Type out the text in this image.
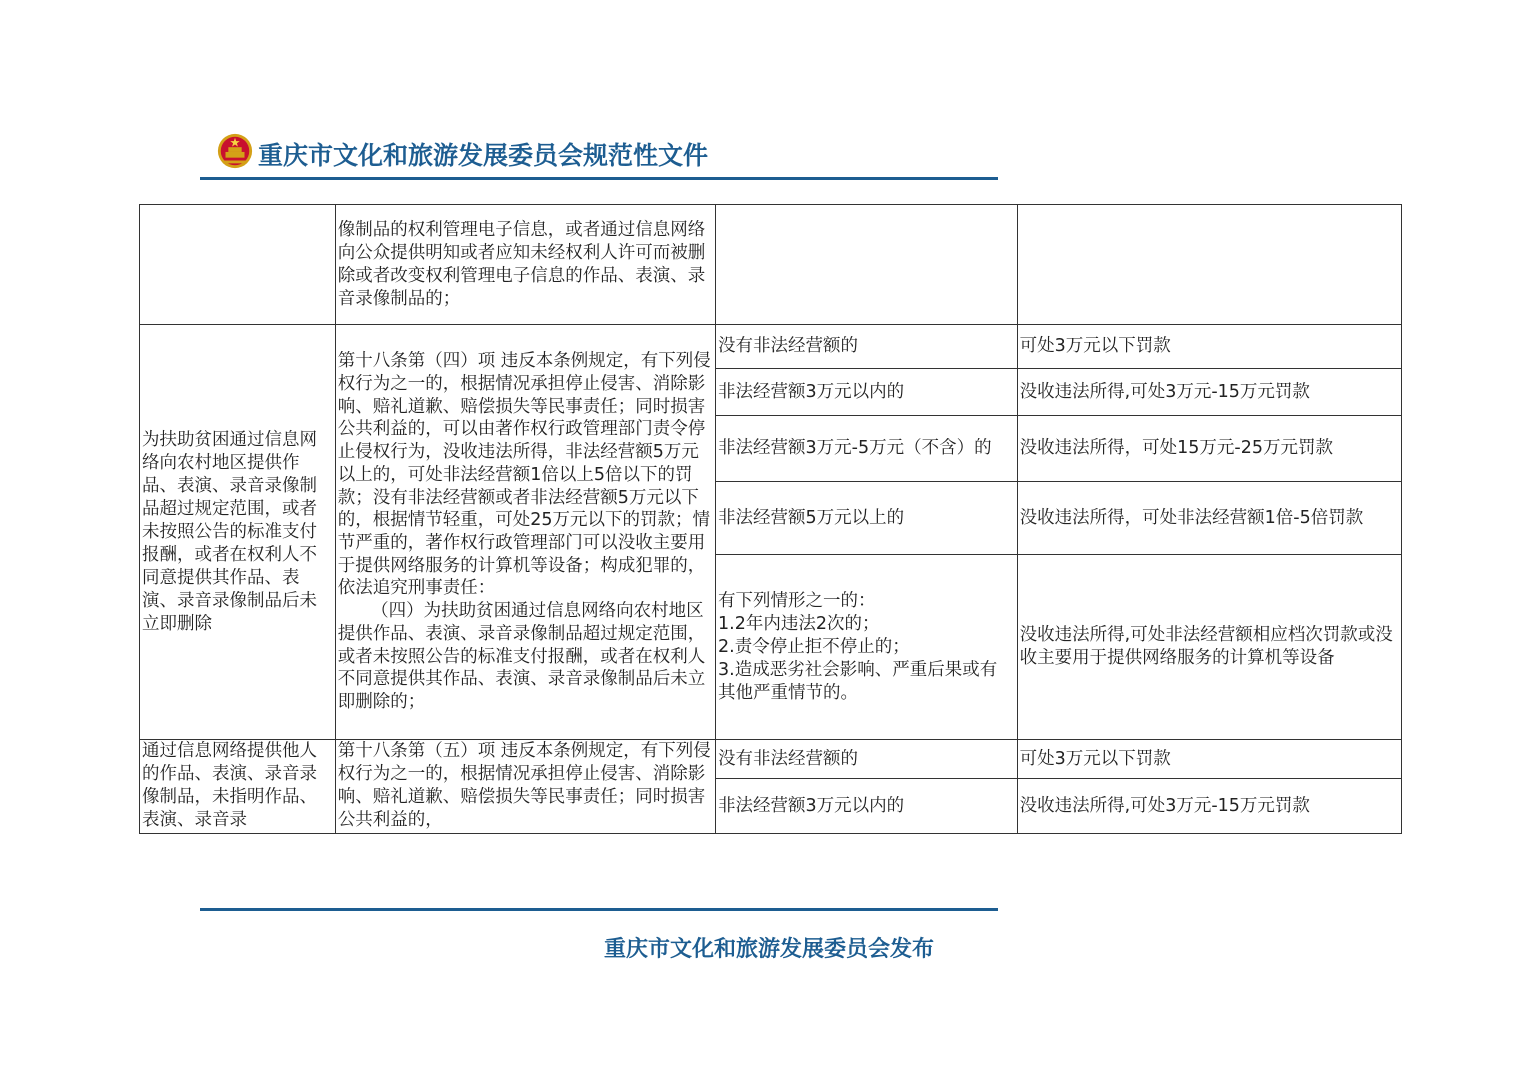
重庆市文化和旅游发展委员会规范性文件
	像制品的权利管理电子信息，或者通过信息网络向公众提供明知或者应知未经权利人许可而被删除或者改变权利管理电子信息的作品、表演、录音录像制品的；		
为扶助贫困通过信息网络向农村地区提供作品、表演、录音录像制品超过规定范围，或者未按照公告的标准支付报酬，或者在权利人不同意提供其作品、表演、录音录像制品后未立即删除	第十八条第（四）项 违反本条例规定，有下列侵权行为之一的，根据情况承担停止侵害、消除影响、赔礼道歉、赔偿损失等民事责任；同时损害公共利益的，可以由著作权行政管理部门责令停止侵权行为，没收违法所得，非法经营额5万元以上的，可处非法经营额1倍以上5倍以下的罚款；没有非法经营额或者非法经营额5万元以下的，根据情节轻重，可处25万元以下的罚款；情节严重的，著作权行政管理部门可以没收主要用于提供网络服务的计算机等设备；构成犯罪的，依法追究刑事责任：
（四）为扶助贫困通过信息网络向农村地区提供作品、表演、录音录像制品超过规定范围，或者未按照公告的标准支付报酬，或者在权利人不同意提供其作品、表演、录音录像制品后未立即删除的；	没有非法经营额的	可处3万元以下罚款
		非法经营额3万元以内的	没收违法所得,可处3万元-15万元罚款
		非法经营额3万元-5万元（不含）的	没收违法所得，可处15万元-25万元罚款
		非法经营额5万元以上的	没收违法所得，可处非法经营额1倍-5倍罚款
		有下列情形之一的：
1.2年内违法2次的；
2.责令停止拒不停止的；
3.造成恶劣社会影响、严重后果或有其他严重情节的。	没收违法所得,可处非法经营额相应档次罚款或没收主要用于提供网络服务的计算机等设备
通过信息网络提供他人的作品、表演、录音录像制品，未指明作品、表演、录音录	第十八条第（五）项 违反本条例规定，有下列侵权行为之一的，根据情况承担停止侵害、消除影响、赔礼道歉、赔偿损失等民事责任；同时损害公共利益的，	没有非法经营额的	可处3万元以下罚款
		非法经营额3万元以内的	没收违法所得,可处3万元-15万元罚款
重庆市文化和旅游发展委员会发布
